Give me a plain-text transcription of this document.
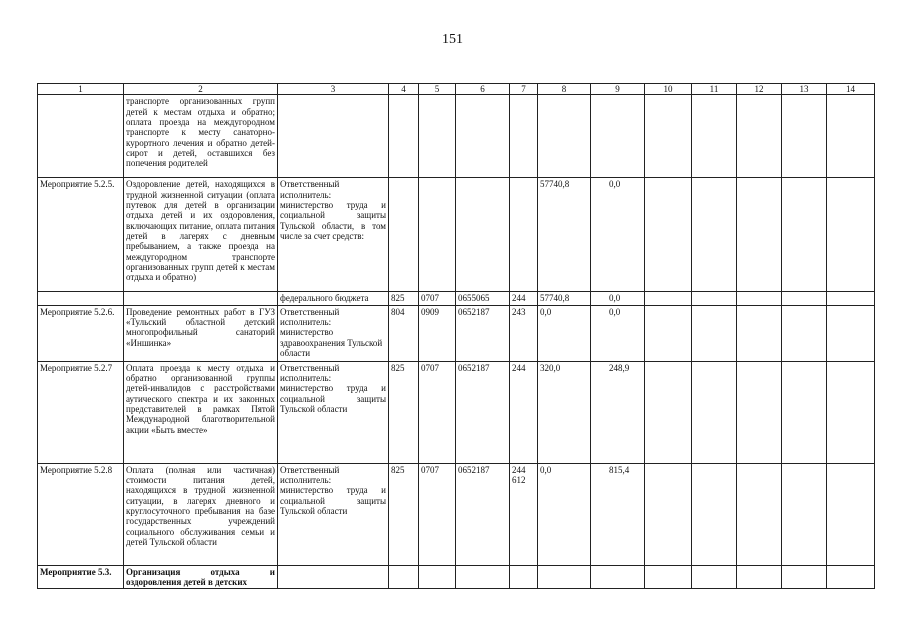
151
1	2	3	4	5	6	7	8	9	10	11	12	13	14
	транспорте организованных групп детей к местам отдыха и обратно; оплата проезда на междугородном транспорте к месту санаторно-курортного лечения и обратно детей-сирот и детей, оставшихся без попечения родителей												
Мероприятие 5.2.5.	Оздоровление детей, находящихся в трудной жизненной ситуации (оплата путевок для детей в организации отдыха детей и их оздоровления, включающих питание, оплата питания детей в лагерях с дневным пребыванием, а также проезда на междугородном транспорте организованных групп детей к местам отдыха и обратно)	Ответственный исполнитель: министерство труда и социальной защиты Тульской области, в том числе за счет средств:					57740,8	0,0					
		федерального бюджета	825	0707	0655065	244	57740,8	0,0					
Мероприятие 5.2.6.	Проведение ремонтных работ в ГУЗ «Тульский областной детский многопрофильный санаторий «Иншинка»	Ответственный исполнитель: министерство здравоохранения Тульской области	804	0909	0652187	243	0,0	0,0					
Мероприятие 5.2.7	Оплата проезда к месту отдыха и обратно организованной группы детей-инвалидов с расстройствами аутического спектра и их законных представителей в рамках Пятой Международной благотворительной акции «Быть вместе»	Ответственный исполнитель: министерство труда и социальной защиты Тульской области	825	0707	0652187	244	320,0	248,9					
Мероприятие 5.2.8	Оплата (полная или частичная) стоимости питания детей, находящихся в трудной жизненной ситуации, в лагерях дневного и круглосуточного пребывания на базе государственных учреждений социального обслуживания семьи и детей Тульской области	Ответственный исполнитель: министерство труда и социальной защиты Тульской области	825	0707	0652187	244 612	0,0	815,4					
Мероприятие 5.3.	Организация отдыха и оздоровления детей в детских												
